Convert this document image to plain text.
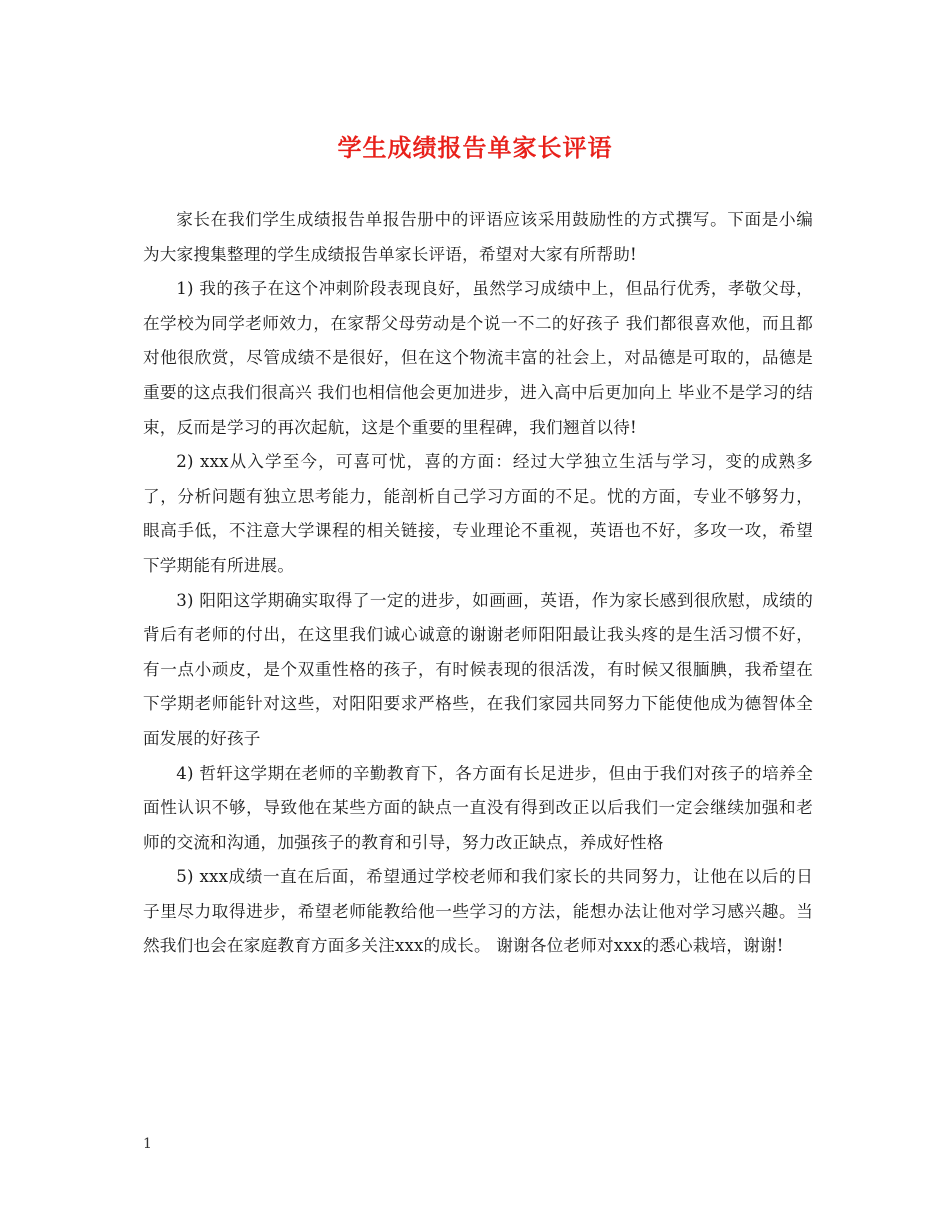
学生成绩报告单家长评语

家长在我们学生成绩报告单报告册中的评语应该采用鼓励性的方式撰写。下面是小编为大家搜集整理的学生成绩报告单家长评语，希望对大家有所帮助!

1) 我的孩子在这个冲刺阶段表现良好，虽然学习成绩中上，但品行优秀，孝敬父母，在学校为同学老师效力，在家帮父母劳动是个说一不二的好孩子 我们都很喜欢他，而且都对他很欣赏，尽管成绩不是很好，但在这个物流丰富的社会上，对品德是可取的，品德是重要的这点我们很高兴 我们也相信他会更加进步，进入高中后更加向上 毕业不是学习的结束，反而是学习的再次起航，这是个重要的里程碑，我们翘首以待!

2) xxx从入学至今，可喜可忧，喜的方面：经过大学独立生活与学习，变的成熟多了，分析问题有独立思考能力，能剖析自己学习方面的不足。忧的方面，专业不够努力，眼高手低，不注意大学课程的相关链接，专业理论不重视，英语也不好，多攻一攻，希望下学期能有所进展。

3) 阳阳这学期确实取得了一定的进步，如画画，英语，作为家长感到很欣慰，成绩的背后有老师的付出，在这里我们诚心诚意的谢谢老师阳阳最让我头疼的是生活习惯不好，有一点小顽皮，是个双重性格的孩子，有时候表现的很活泼，有时候又很腼腆，我希望在下学期老师能针对这些，对阳阳要求严格些，在我们家园共同努力下能使他成为德智体全面发展的好孩子

4) 哲轩这学期在老师的辛勤教育下，各方面有长足进步，但由于我们对孩子的培养全面性认识不够，导致他在某些方面的缺点一直没有得到改正以后我们一定会继续加强和老师的交流和沟通，加强孩子的教育和引导，努力改正缺点，养成好性格

5) xxx成绩一直在后面，希望通过学校老师和我们家长的共同努力，让他在以后的日子里尽力取得进步，希望老师能教给他一些学习的方法，能想办法让他对学习感兴趣。当然我们也会在家庭教育方面多关注xxx的成长。 谢谢各位老师对xxx的悉心栽培，谢谢!

1
